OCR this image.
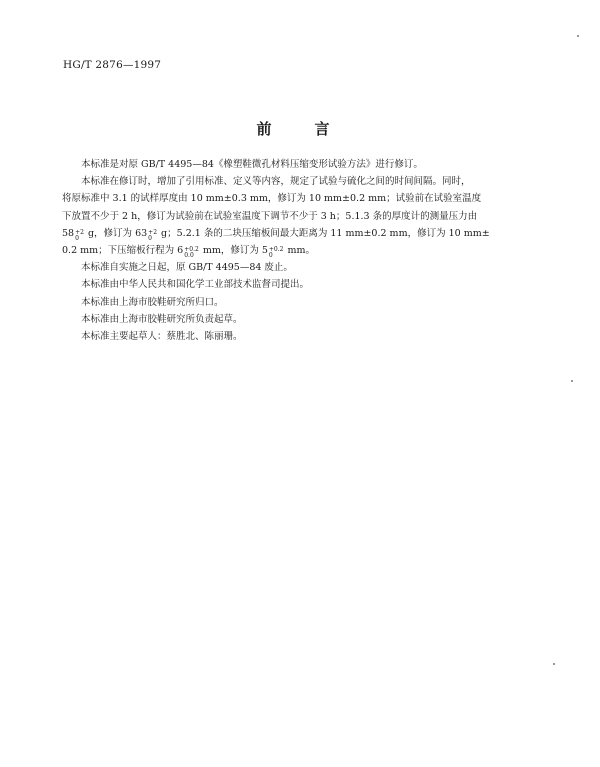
HG/T 2876—1997
前　言

本标准是对原 GB/T 4495—84《橡塑鞋微孔材料压缩变形试验方法》进行修订。

本标准在修订时，增加了引用标准、定义等内容，规定了试验与硫化之间的时间间隔。同时，
将原标准中 3.1 的试样厚度由 10 mm±0.3 mm，修订为 10 mm±0.2 mm；试验前在试验室温度
下放置不少于 2 h，修订为试验前在试验室温度下调节不少于 3 h；5.1.3 条的厚度计的测量压力由
58 +2
0 g，修订为 63 +2
0 g；5.2.1 条的二块压缩板间最大距离为 11 mm±0.2 mm，修订为 10 mm±
0.2 mm；下压缩板行程为 6 +0.2
0.0 mm，修订为 5 +0.2
0	mm。

本标准自实施之日起，原 GB/T 4495—84 废止。

本标准由中华人民共和国化学工业部技术监督司提出。

本标准由上海市胶鞋研究所归口。

本标准由上海市胶鞋研究所负责起草。

本标准主要起草人：蔡胜北、陈丽珊。
